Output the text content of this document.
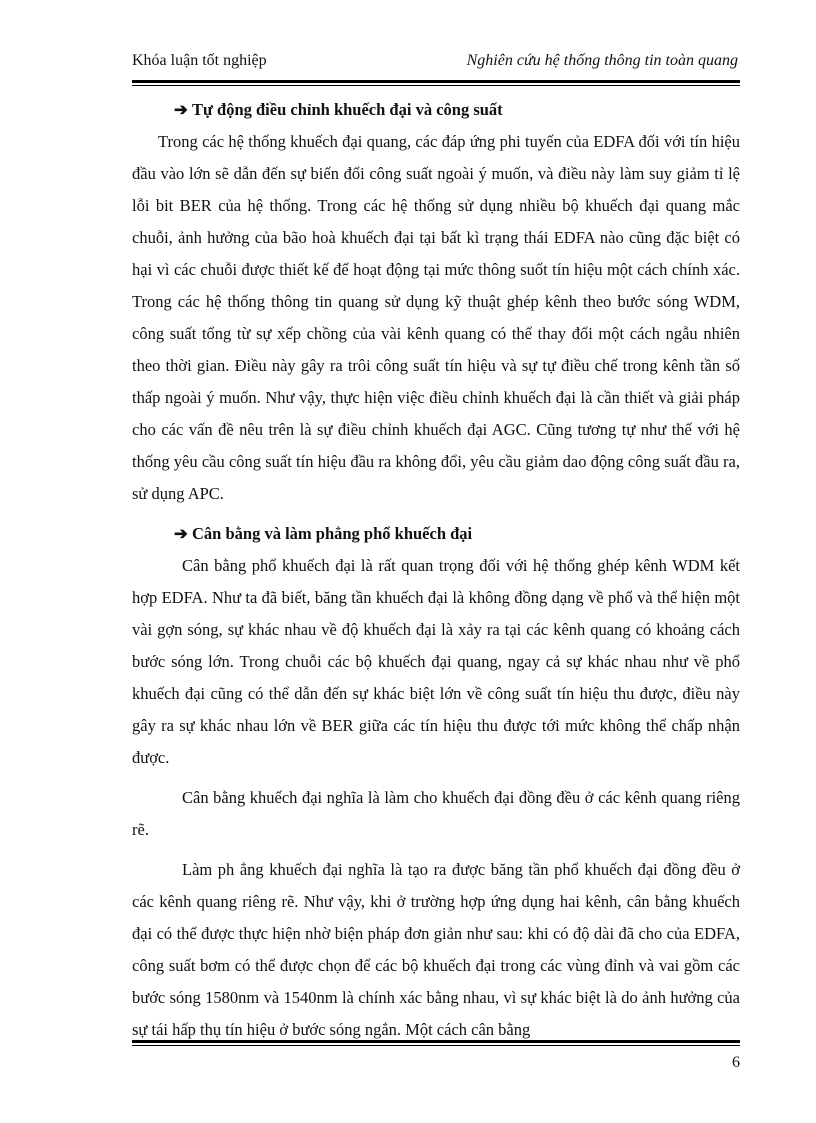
Khóa luận tốt nghiệp	Nghiên cứu hệ thống thông tin toàn quang

➔ Tự động điều chỉnh khuếch đại và công suất

Trong các hệ thống khuếch đại quang, các đáp ứng phi tuyến của EDFA đối với tín hiệu đầu vào lớn sẽ dẫn đến sự biến đổi công suất ngoài ý muốn, và điều này làm suy giảm tỉ lệ lỗi bit BER của hệ thống. Trong các hệ thống sử dụng nhiều bộ khuếch đại quang mắc chuỗi, ảnh hưởng của bão hoà khuếch đại tại bất kì trạng thái EDFA nào cũng đặc biệt có hại vì các chuỗi được thiết kế để hoạt động tại mức thông suốt tín hiệu một cách chính xác. Trong các hệ thống thông tin quang sử dụng kỹ thuật ghép kênh theo bước sóng WDM, công suất tổng từ sự xếp chồng của vài kênh quang có thể thay đổi một cách ngẫu nhiên theo thời gian. Điều này gây ra trôi công suất tín hiệu và sự tự điều chế trong kênh tần số thấp ngoài ý muốn. Như vậy, thực hiện việc điều chỉnh khuếch đại là cần thiết và giải pháp cho các vấn đề nêu trên là sự điều chỉnh khuếch đại AGC. Cũng tương tự như thế với hệ thống yêu cầu công suất tín hiệu đầu ra không đổi, yêu cầu giảm dao động công suất đầu ra, sử dụng APC.

➔ Cân bằng và làm phẳng phổ khuếch đại

Cân bằng phổ khuếch đại là rất quan trọng đối với hệ thống ghép kênh WDM kết hợp EDFA. Như ta đã biết, băng tần khuếch đại là không đồng dạng về phổ và thể hiện một vài gợn sóng, sự khác nhau về độ khuếch đại là xảy ra tại các kênh quang có khoảng cách bước sóng lớn. Trong chuỗi các bộ khuếch đại quang, ngay cả sự khác nhau như về phổ khuếch đại cũng có thể dẫn đến sự khác biệt lớn về công suất tín hiệu thu được, điều này gây ra sự khác nhau lớn về BER giữa các tín hiệu thu được tới mức không thể chấp nhận được.

Cân bằng khuếch đại nghĩa là làm cho khuếch đại đồng đều ở các kênh quang riêng rẽ.

Làm ph ẳng khuếch đại nghĩa là tạo ra được băng tần phổ khuếch đại đồng đều ở các kênh quang riêng rẽ. Như vậy, khi ở trường hợp ứng dụng hai kênh, cân bằng khuếch đại có thể được thực hiện nhờ biện pháp đơn giản như sau: khi có độ dài đã cho của EDFA, công suất bơm có thể được chọn để các bộ khuếch đại trong các vùng đỉnh và vai gồm các bước sóng 1580nm và 1540nm là chính xác bằng nhau, vì sự khác biệt là do ảnh hưởng của sự tái hấp thụ tín hiệu ở bước sóng ngắn. Một cách cân bằng

6
